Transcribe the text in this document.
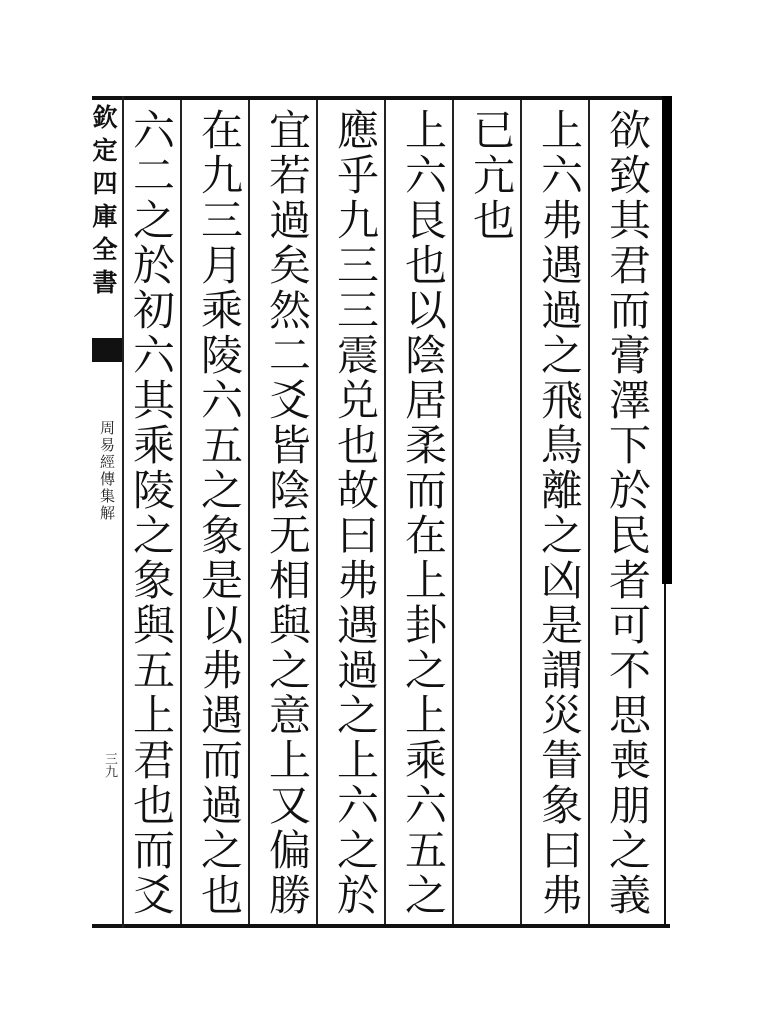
欽定四庫全書
周易經傳集解
三九
欲致其君而膏澤下於民者可不思喪朋之義
上六弗遇過之飛鳥離之凶是謂災眚象曰弗
已亢也
上六艮也以陰居柔而在上卦之上乘六五之
應乎九三三震兑也故曰弗遇過之上六之於
宜若過矣然二爻皆陰无相與之意上又偏勝
在九三月乘陵六五之象是以弗遇而過之也
六二之於初六其乘陵之象與五上君也而爻
